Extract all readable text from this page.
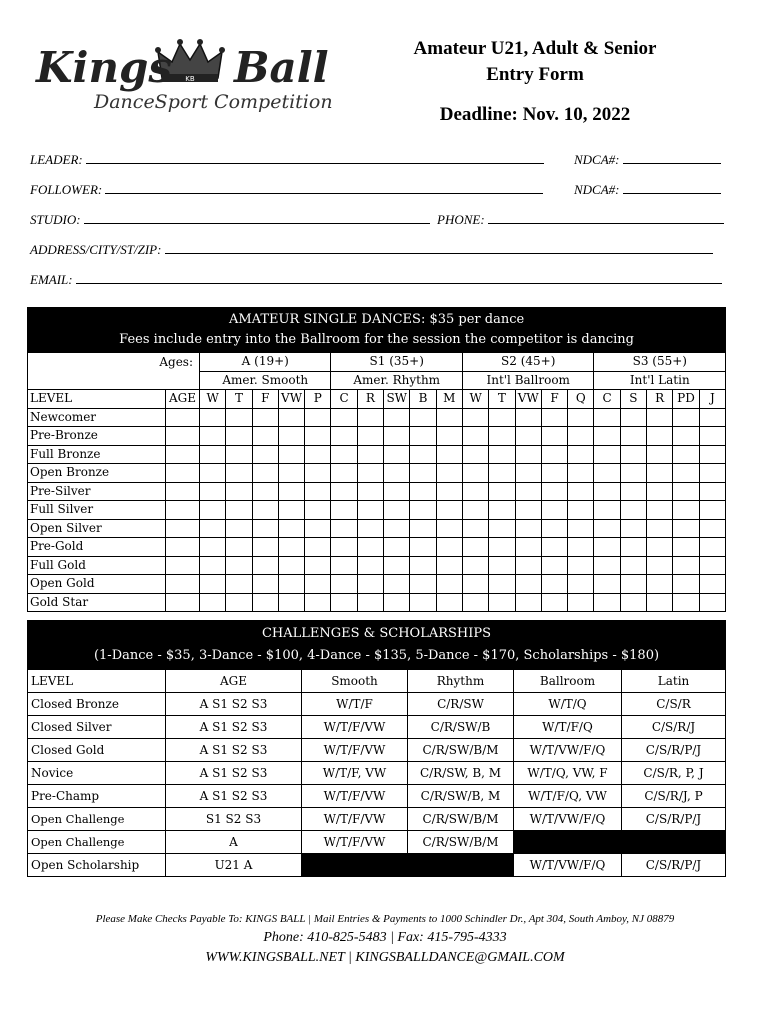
KB
Kings Ball
DanceSport Competition
Amateur U21, Adult & Senior
Entry Form
Deadline: Nov. 10, 2022
LEADER:	NDCA#:
FOLLOWER:	NDCA#:
STUDIO:	PHONE:
ADDRESS/CITY/ST/ZIP:
EMAIL:
AMATEUR SINGLE DANCES: $35 per dance
Fees include entry into the Ballroom for the session the competitor is dancing																					

Ages:		A (19+)					S1 (35+)					S2 (45+)					S3 (55+)				
		Amer. Smooth					Amer. Rhythm					Int'l Ballroom					Int'l Latin				
LEVEL	AGE	W	T	F	VW	P	C	R	SW	B	M	W	T	VW	F	Q	C	S	R	PD	J
Newcomer																					
Pre-Bronze																					
Full Bronze																					
Open Bronze																					
Pre-Silver																					
Full Silver																					
Open Silver																					
Pre-Gold																					
Full Gold																					
Open Gold																					
Gold Star																					
CHALLENGES & SCHOLARSHIPS
(1-Dance - $35, 3-Dance - $100, 4-Dance - $135, 5-Dance - $170, Scholarships - $180)					

LEVEL	AGE	Smooth	Rhythm	Ballroom	Latin
Closed Bronze	A S1 S2 S3	W/T/F	C/R/SW	W/T/Q	C/S/R
Closed Silver	A S1 S2 S3	W/T/F/VW	C/R/SW/B	W/T/F/Q	C/S/R/J
Closed Gold	A S1 S2 S3	W/T/F/VW	C/R/SW/B/M	W/T/VW/F/Q	C/S/R/P/J
Novice	A S1 S2 S3	W/T/F, VW	C/R/SW, B, M	W/T/Q, VW, F	C/S/R, P, J
Pre-Champ	A S1 S2 S3	W/T/F/VW	C/R/SW/B, M	W/T/F/Q, VW	C/S/R/J, P
Open Challenge	S1 S2 S3	W/T/F/VW	C/R/SW/B/M	W/T/VW/F/Q	C/S/R/P/J
Open Challenge	A	W/T/F/VW	C/R/SW/B/M		
Open Scholarship	U21 A			W/T/VW/F/Q	C/S/R/P/J
Please Make Checks Payable To: KINGS BALL | Mail Entries & Payments to 1000 Schindler Dr., Apt 304, South Amboy, NJ 08879
Phone: 410-825-5483 | Fax: 415-795-4333
WWW.KINGSBALL.NET | KINGSBALLDANCE@GMAIL.COM
